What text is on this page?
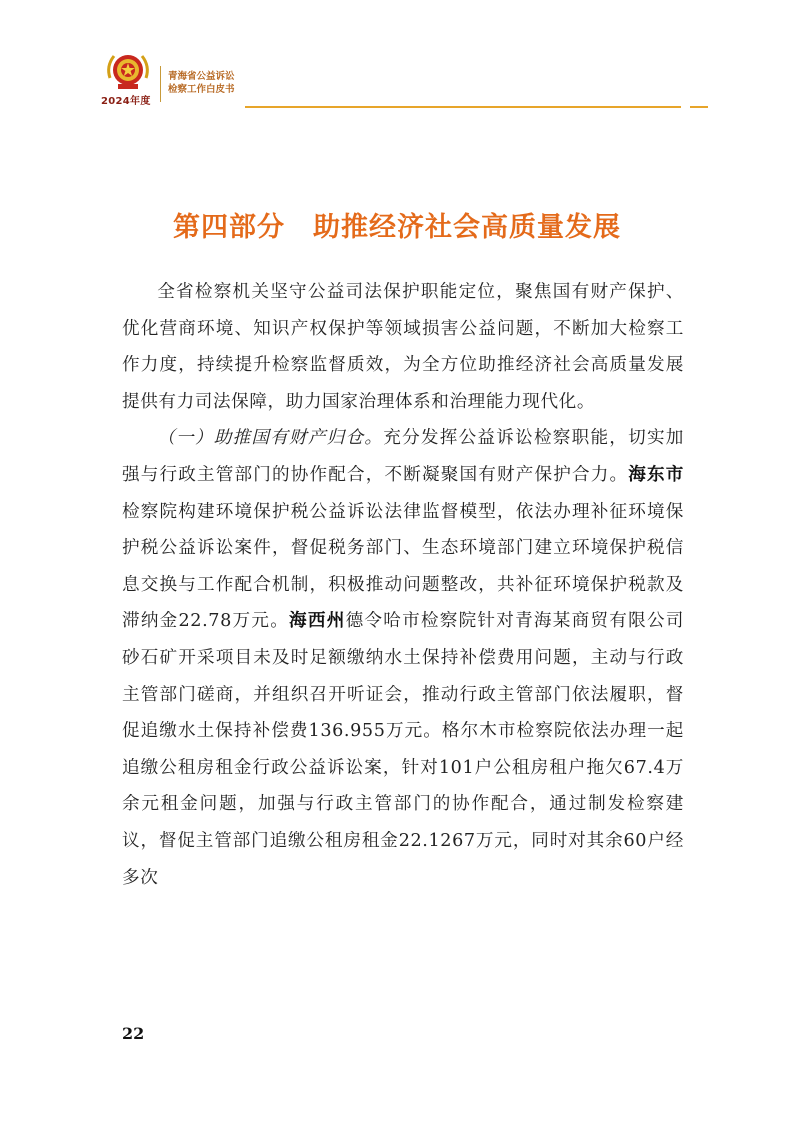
2024年度
青海省公益诉讼
检察工作白皮书
第四部分 助推经济社会高质量发展

全省检察机关坚守公益司法保护职能定位，聚焦国有财产保护、优化营商环境、知识产权保护等领域损害公益问题，不断加大检察工作力度，持续提升检察监督质效，为全方位助推经济社会高质量发展提供有力司法保障，助力国家治理体系和治理能力现代化。

（一）助推国有财产归仓。充分发挥公益诉讼检察职能，切实加强与行政主管部门的协作配合，不断凝聚国有财产保护合力。海东市检察院构建环境保护税公益诉讼法律监督模型，依法办理补征环境保护税公益诉讼案件，督促税务部门、生态环境部门建立环境保护税信息交换与工作配合机制，积极推动问题整改，共补征环境保护税款及滞纳金22.78万元。海西州德令哈市检察院针对青海某商贸有限公司砂石矿开采项目未及时足额缴纳水土保持补偿费用问题，主动与行政主管部门磋商，并组织召开听证会，推动行政主管部门依法履职，督促追缴水土保持补偿费136.955万元。格尔木市检察院依法办理一起追缴公租房租金行政公益诉讼案，针对101户公租房租户拖欠67.4万余元租金问题，加强与行政主管部门的协作配合，通过制发检察建议，督促主管部门追缴公租房租金22.1267万元，同时对其余60户经多次

22
